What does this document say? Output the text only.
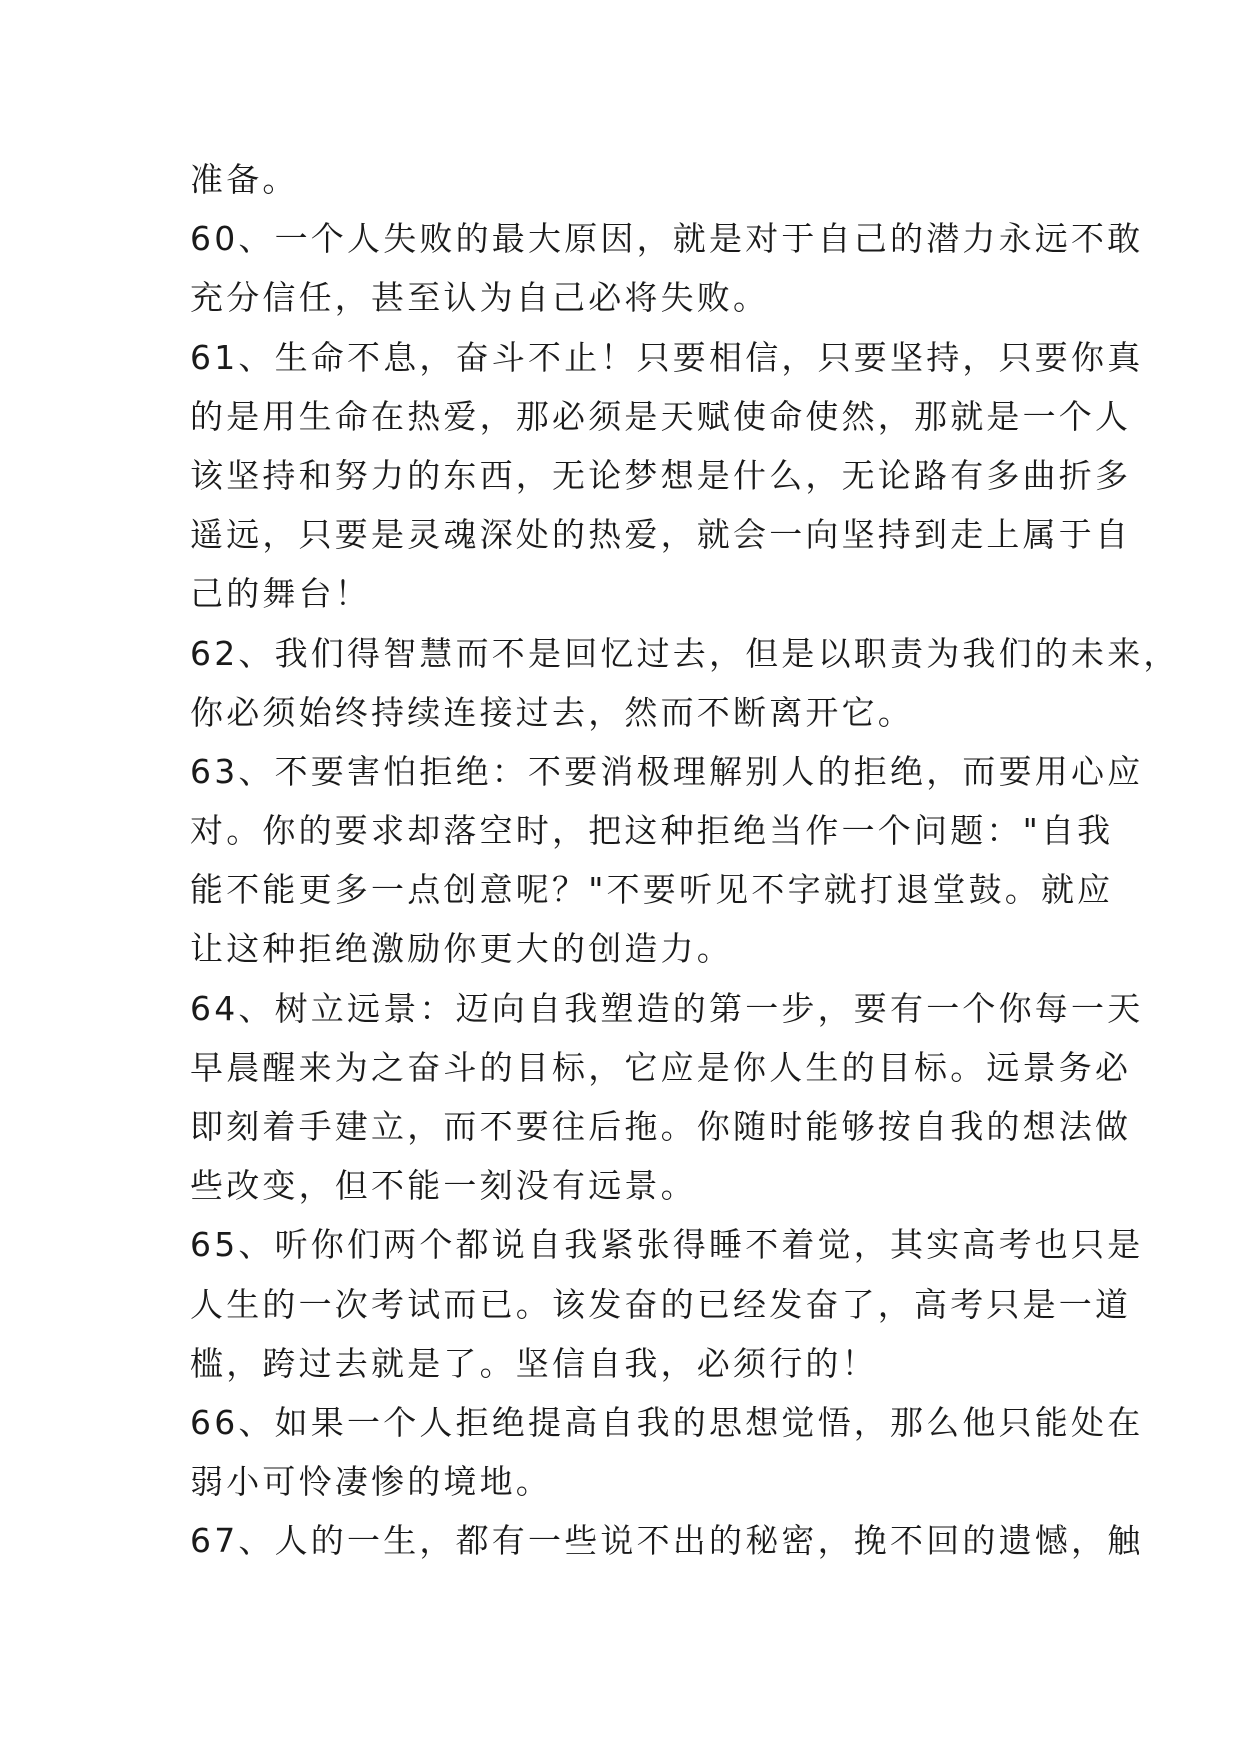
准备。
60、一个人失败的最大原因，就是对于自己的潜力永远不敢
充分信任，甚至认为自己必将失败。
61、生命不息，奋斗不止！只要相信，只要坚持，只要你真
的是用生命在热爱，那必须是天赋使命使然，那就是一个人
该坚持和努力的东西，无论梦想是什么，无论路有多曲折多
遥远，只要是灵魂深处的热爱，就会一向坚持到走上属于自
己的舞台！
62、我们得智慧而不是回忆过去，但是以职责为我们的未来，
你必须始终持续连接过去，然而不断离开它。
63、不要害怕拒绝：不要消极理解别人的拒绝，而要用心应
对。你的要求却落空时，把这种拒绝当作一个问题："自我
能不能更多一点创意呢？"不要听见不字就打退堂鼓。就应
让这种拒绝激励你更大的创造力。
64、树立远景：迈向自我塑造的第一步，要有一个你每一天
早晨醒来为之奋斗的目标，它应是你人生的目标。远景务必
即刻着手建立，而不要往后拖。你随时能够按自我的想法做
些改变，但不能一刻没有远景。
65、听你们两个都说自我紧张得睡不着觉，其实高考也只是
人生的一次考试而已。该发奋的已经发奋了，高考只是一道
槛，跨过去就是了。坚信自我，必须行的！
66、如果一个人拒绝提高自我的思想觉悟，那么他只能处在
弱小可怜凄惨的境地。
67、人的一生，都有一些说不出的秘密，挽不回的遗憾，触
